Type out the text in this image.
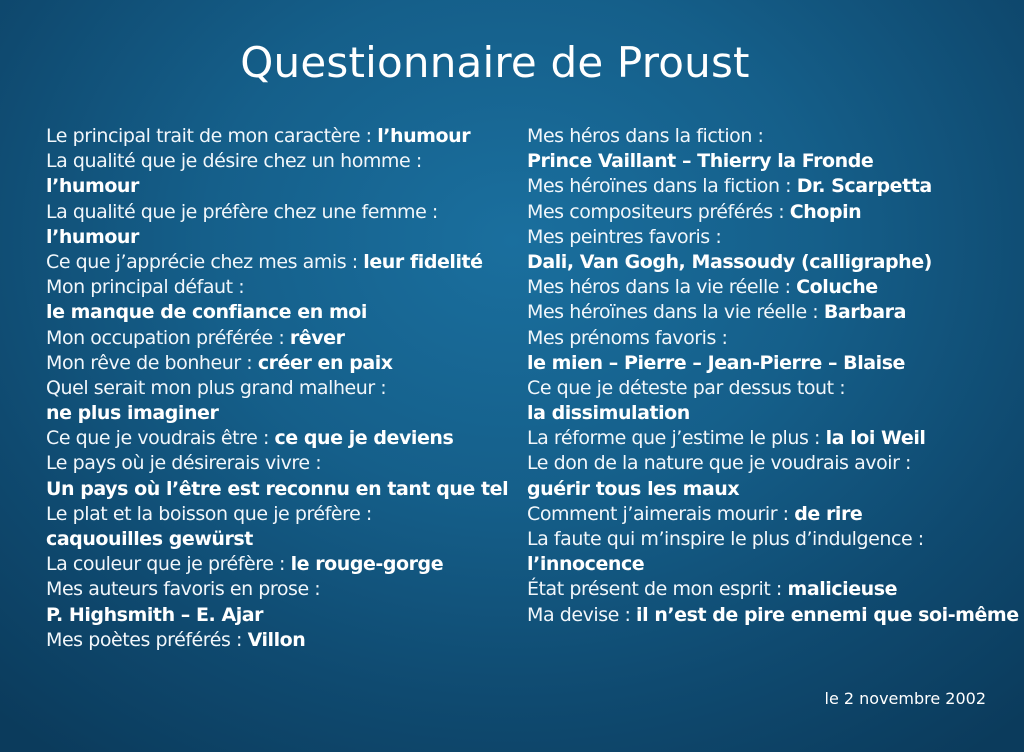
Questionnaire de Proust
Le principal trait de mon caractère : l’humour
La qualité que je désire chez un homme :
l’humour
La qualité que je préfère chez une femme :
l’humour
Ce que j’apprécie chez mes amis : leur fidelité
Mon principal défaut :
le manque de confiance en moi
Mon occupation préférée : rêver
Mon rêve de bonheur : créer en paix
Quel serait mon plus grand malheur :
ne plus imaginer
Ce que je voudrais être : ce que je deviens
Le pays où je désirerais vivre :
Un pays où l’être est reconnu en tant que tel
Le plat et la boisson que je préfère :
caquouilles gewürst
La couleur que je préfère : le rouge-gorge
Mes auteurs favoris en prose :
P. Highsmith – E. Ajar
Mes poètes préférés : Villon
Mes héros dans la fiction :
Prince Vaillant – Thierry la Fronde
Mes héroïnes dans la fiction : Dr. Scarpetta
Mes compositeurs préférés : Chopin
Mes peintres favoris :
Dali, Van Gogh, Massoudy (calligraphe)
Mes héros dans la vie réelle : Coluche
Mes héroïnes dans la vie réelle : Barbara
Mes prénoms favoris :
le mien – Pierre – Jean-Pierre – Blaise
Ce que je déteste par dessus tout :
la dissimulation
La réforme que j’estime le plus : la loi Weil
Le don de la nature que je voudrais avoir :
guérir tous les maux
Comment j’aimerais mourir : de rire
La faute qui m’inspire le plus d’indulgence :
l’innocence
État présent de mon esprit : malicieuse
Ma devise : il n’est de pire ennemi que soi-même
le 2 novembre 2002
